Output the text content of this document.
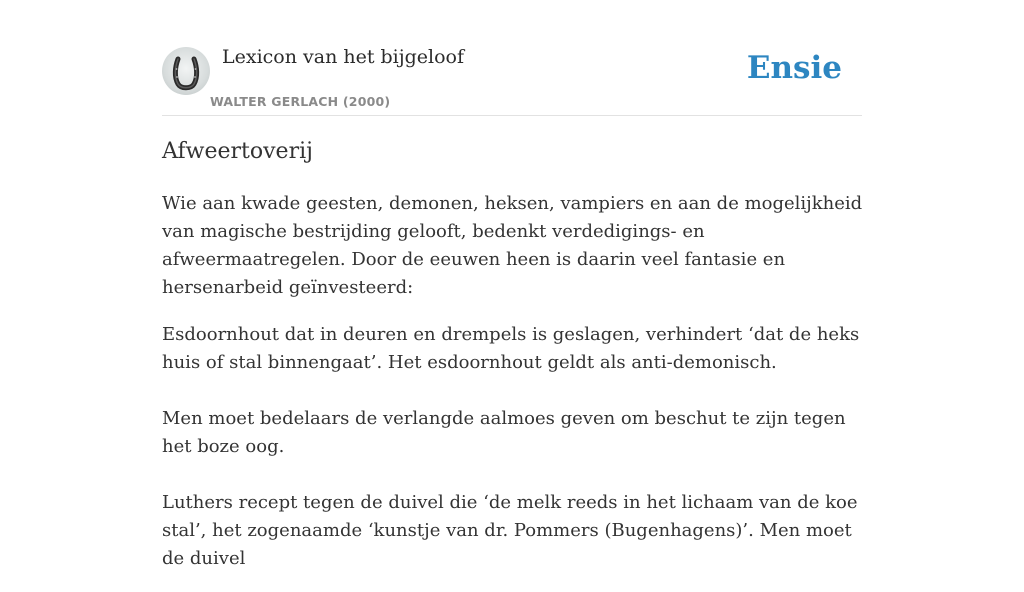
Lexicon van het bijgeloof
WALTER GERLACH (2000)
Ensie
Afweertoverij

Wie aan kwade geesten, demonen, heksen, vampiers en aan de mogelijkheid van magische bestrijding gelooft, bedenkt verdedigings- en afweermaatregelen. Door de eeuwen heen is daarin veel fantasie en hersenarbeid geïnvesteerd:

Esdoornhout dat in deuren en drempels is geslagen, verhindert ‘dat de heks huis of stal binnengaat’. Het esdoornhout geldt als anti-demonisch.

Men moet bedelaars de verlangde aalmoes geven om beschut te zijn tegen het boze oog.

Luthers recept tegen de duivel die ‘de melk reeds in het lichaam van de koe stal’, het zogenaamde ‘kunstje van dr. Pommers (Bugenhagens)’. Men moet de duivel
